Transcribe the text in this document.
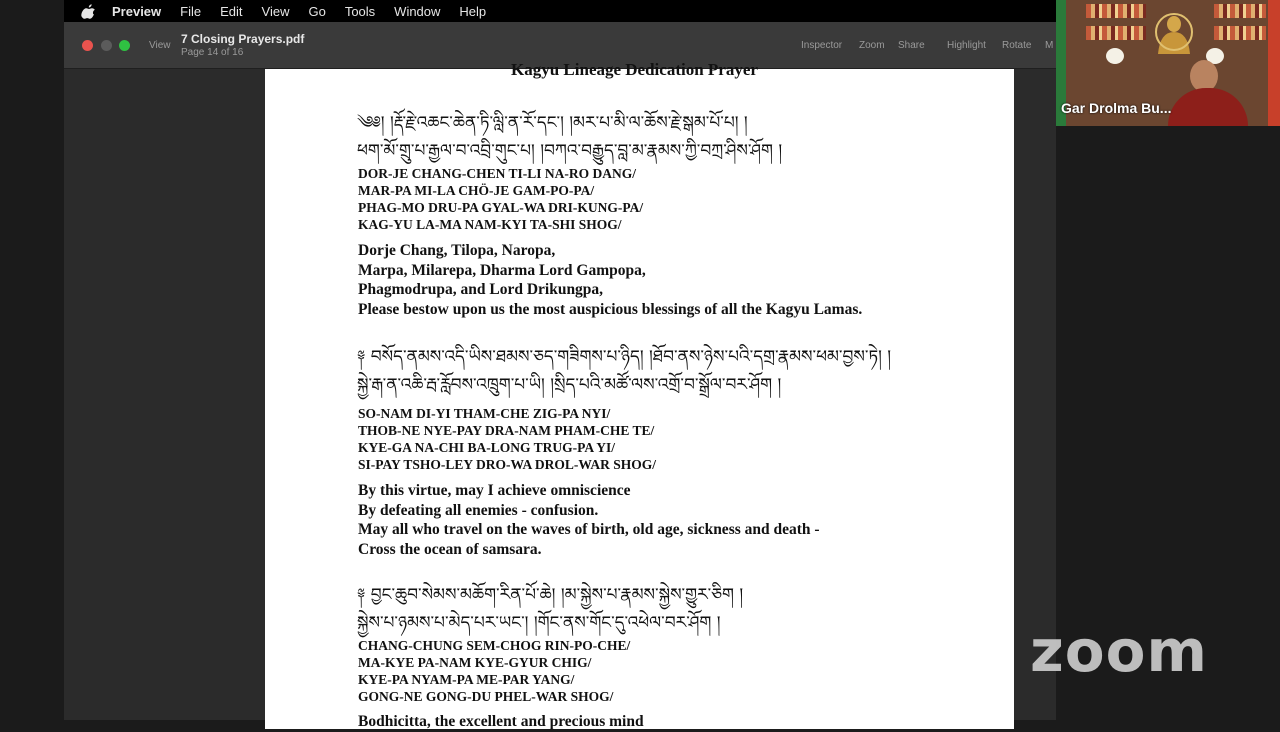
Preview File Edit View Go Tools Window Help
View 7 Closing Prayers.pdf
Page 14 of 16
Inspector Zoom Share Highlight Rotate M
Kagyu Lineage Dedication Prayer
༄༅། །རྡོ་རྗེ་འཆང་ཆེན་ཏི་ལླི་ན་རོ་དང་། །མར་པ་མི་ལ་ཆོས་རྗེ་སྒམ་པོ་པ། །
ཕག་མོ་གྲུ་པ་རྒྱལ་བ་འབྲི་གུང་པ། །བཀའ་བརྒྱུད་བླ་མ་རྣམས་ཀྱི་བཀྲ་ཤིས་ཤོག །
DOR-JE CHANG-CHEN TI-LI NA-RO DANG/
MAR-PA MI-LA CHÖ-JE GAM-PO-PA/
PHAG-MO DRU-PA GYAL-WA DRI-KUNG-PA/
KAG-YU LA-MA NAM-KYI TA-SHI SHOG/
Dorje Chang, Tilopa, Naropa,
Marpa, Milarepa, Dharma Lord Gampopa,
Phagmodrupa, and Lord Drikungpa,
Please bestow upon us the most auspicious blessings of all the Kagyu Lamas.
༈ བསོད་ནམས་འདི་ཡིས་ཐམས་ཅད་གཟིགས་པ་ཉིད། །ཐོབ་ནས་ཉེས་པའི་དགྲ་རྣམས་ཕམ་བྱས་ཏེ། །
སྐྱེ་རྒ་ན་འཆི་རྦ་རློབས་འཁྲུག་པ་ཡི། །སྲིད་པའི་མཚོ་ལས་འགྲོ་བ་སྒྲོལ་བར་ཤོག །
SO-NAM DI-YI THAM-CHE ZIG-PA NYI/
THOB-NE NYE-PAY DRA-NAM PHAM-CHE TE/
KYE-GA NA-CHI BA-LONG TRUG-PA YI/
SI-PAY TSHO-LEY DRO-WA DROL-WAR SHOG/
By this virtue, may I achieve omniscience
By defeating all enemies - confusion.
May all who travel on the waves of birth, old age, sickness and death -
Cross the ocean of samsara.
༈ བྱང་ཆུབ་སེམས་མཆོག་རིན་པོ་ཆེ། །མ་སྐྱེས་པ་རྣམས་སྐྱེས་གྱུར་ཅིག །
སྐྱེས་པ་ཉམས་པ་མེད་པར་ཡང་། །གོང་ནས་གོང་དུ་འཕེལ་བར་ཤོག །
CHANG-CHUNG SEM-CHOG RIN-PO-CHE/
MA-KYE PA-NAM KYE-GYUR CHIG/
KYE-PA NYAM-PA ME-PAR YANG/
GONG-NE GONG-DU PHEL-WAR SHOG/
Bodhicitta, the excellent and precious mind
Gar Drolma Bu...
zoom
